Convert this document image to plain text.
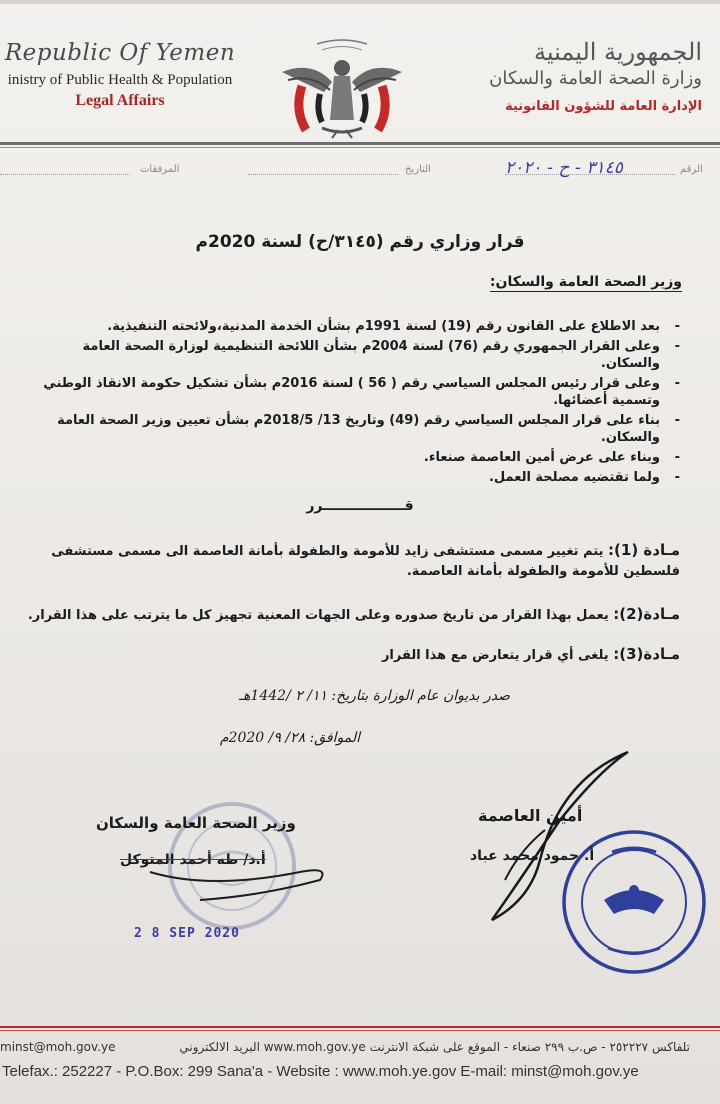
Republic Of Yemen
inistry of Public Health & Population
Legal Affairs
الجمهورية اليمنية
وزارة الصحة العامة والسكان
الإدارة العامة للشؤون القانونية
المرفقات	التاريخ	الرقم
٣١٤٥ - ح - ٢٠٢٠
قرار وزاري رقم (٣١٤٥/ح) لسنة 2020م
وزير الصحة العامة والسكان:
- بعد الاطلاع على القانون رقم (19) لسنة 1991م بشأن الخدمة المدنية،ولائحته التنفيذية.
- وعلى القرار الجمهوري رقم (76) لسنة 2004م بشأن اللائحة التنظيمية لوزارة الصحة العامة والسكان.
- وعلى قرار رئيس المجلس السياسي رقم ( 56 ) لسنة 2016م بشأن تشكيل حكومة الانقاذ الوطني وتسمية أعضائها.
- بناء على قرار المجلس السياسي رقم (49) وتاريخ 13/ 2018/5م بشأن تعيين وزير الصحة العامة والسكان.
- وبناء على عرض أمين العاصمة صنعاء.
- ولما تقتضيه مصلحة العمل.
قـــــــــــــــــرر
مـادة (1): يتم تغيير مسمى مستشفى زايد للأمومة والطفولة بأمانة العاصمة الى مسمى مستشفى فلسطين للأمومة والطفولة بأمانة العاصمة.
مـادة(2): يعمل بهذا القرار من تاريخ صدوره وعلى الجهات المعنية تجهيز كل ما يترتب على هذا القرار.
مـادة(3): يلغى أي قرار يتعارض مع هذا القرار
صدر بديوان عام الوزارة بتاريخ: ١١/ ٢ /1442هـ
الموافق: ٢٨/ ٩/ 2020م
وزير الصحة العامة والسكان
أ.د/ طه أحمد المتوكل
أمين العاصمة
أ. حمود محمد عباد
2 8 SEP 2020
minst@moh.gov.ye	تلفاكس ٢٥٢٢٢٧ - ص.ب ٢٩٩ صنعاء - الموقع على شبكة الانترنت www.moh.gov.ye البريد الالكتروني
Telefax.: 252227 - P.O.Box: 299 Sana'a - Website : www.moh.ye.gov E-mail: minst@moh.gov.ye
